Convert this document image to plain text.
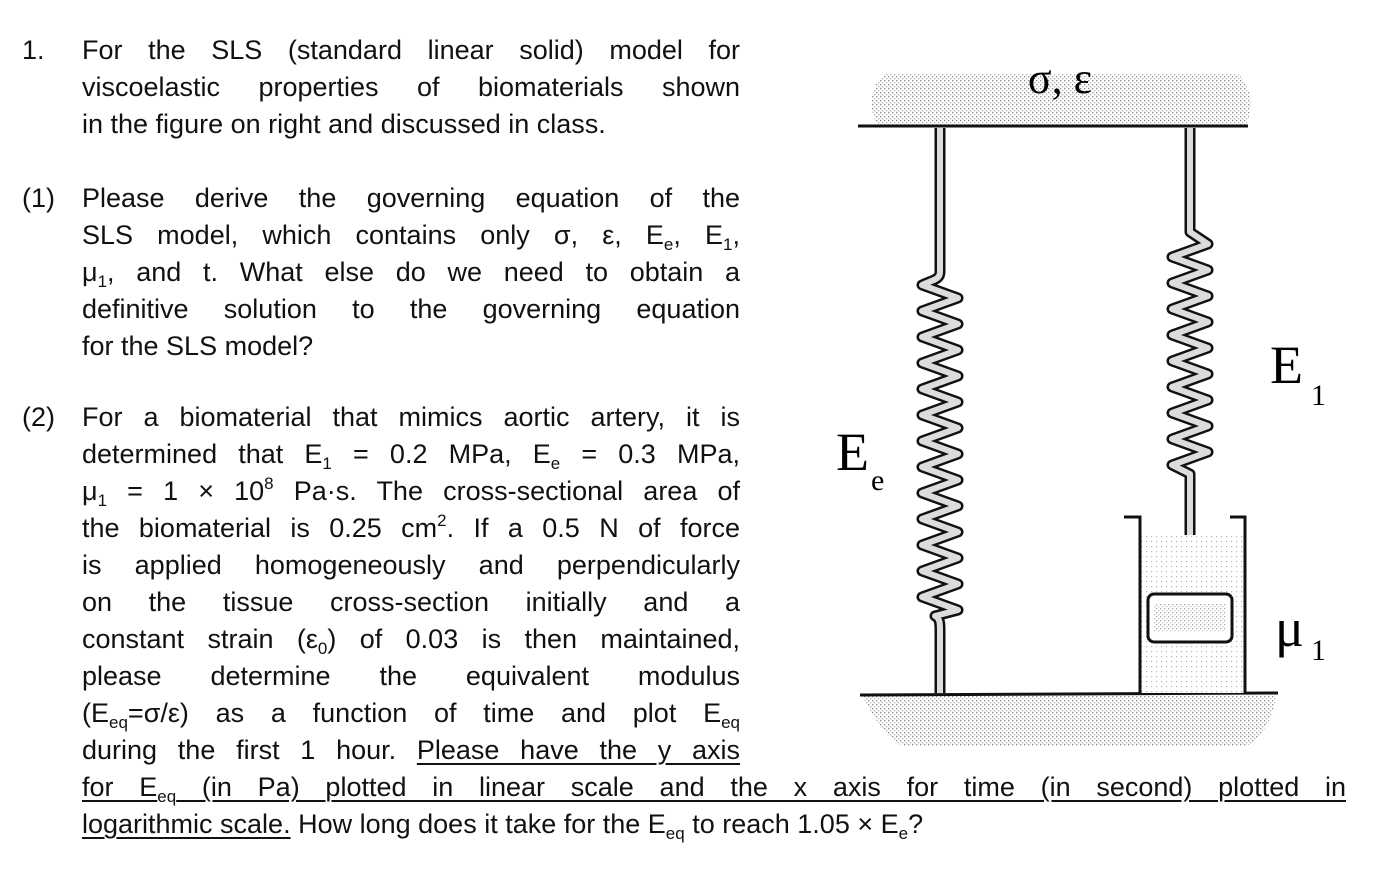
1. For the SLS (standard linear solid) model for
viscoelastic properties of biomaterials shown
in the figure on right and discussed in class.
(1) Please derive the governing equation of the
SLS model, which contains only σ, ε, $E_e$, $E_1$,
$\mu_1$, and t. What else do we need to obtain a
definitive solution to the governing equation
for the SLS model?
(2) For a biomaterial that mimics aortic artery, it is
determined that $E_1 = 0.2$ MPa, $E_e = 0.3$ MPa,
$\mu_1 = 1 \times 10^8$ Pa·s. The cross-sectional area of
the biomaterial is 0.25 $cm^2$. If a 0.5 N of force
is applied homogeneously and perpendicularly
on the tissue cross-section initially and a
constant strain $(\varepsilon_0)$ of 0.03 is then maintained,
please determine the equivalent modulus
$(E_{eq}=\sigma/\varepsilon)$ as a function of time and plot $E_{eq}$
during the first 1 hour. Please have the y axis
for $E_{eq}$ (in Pa) plotted in linear scale and the x axis for time (in second) plotted in
logarithmic scale. How long does it take for the $E_{eq}$ to reach $1.05 \times E_e$?
σ, ε
E e
E
1
μ 1
